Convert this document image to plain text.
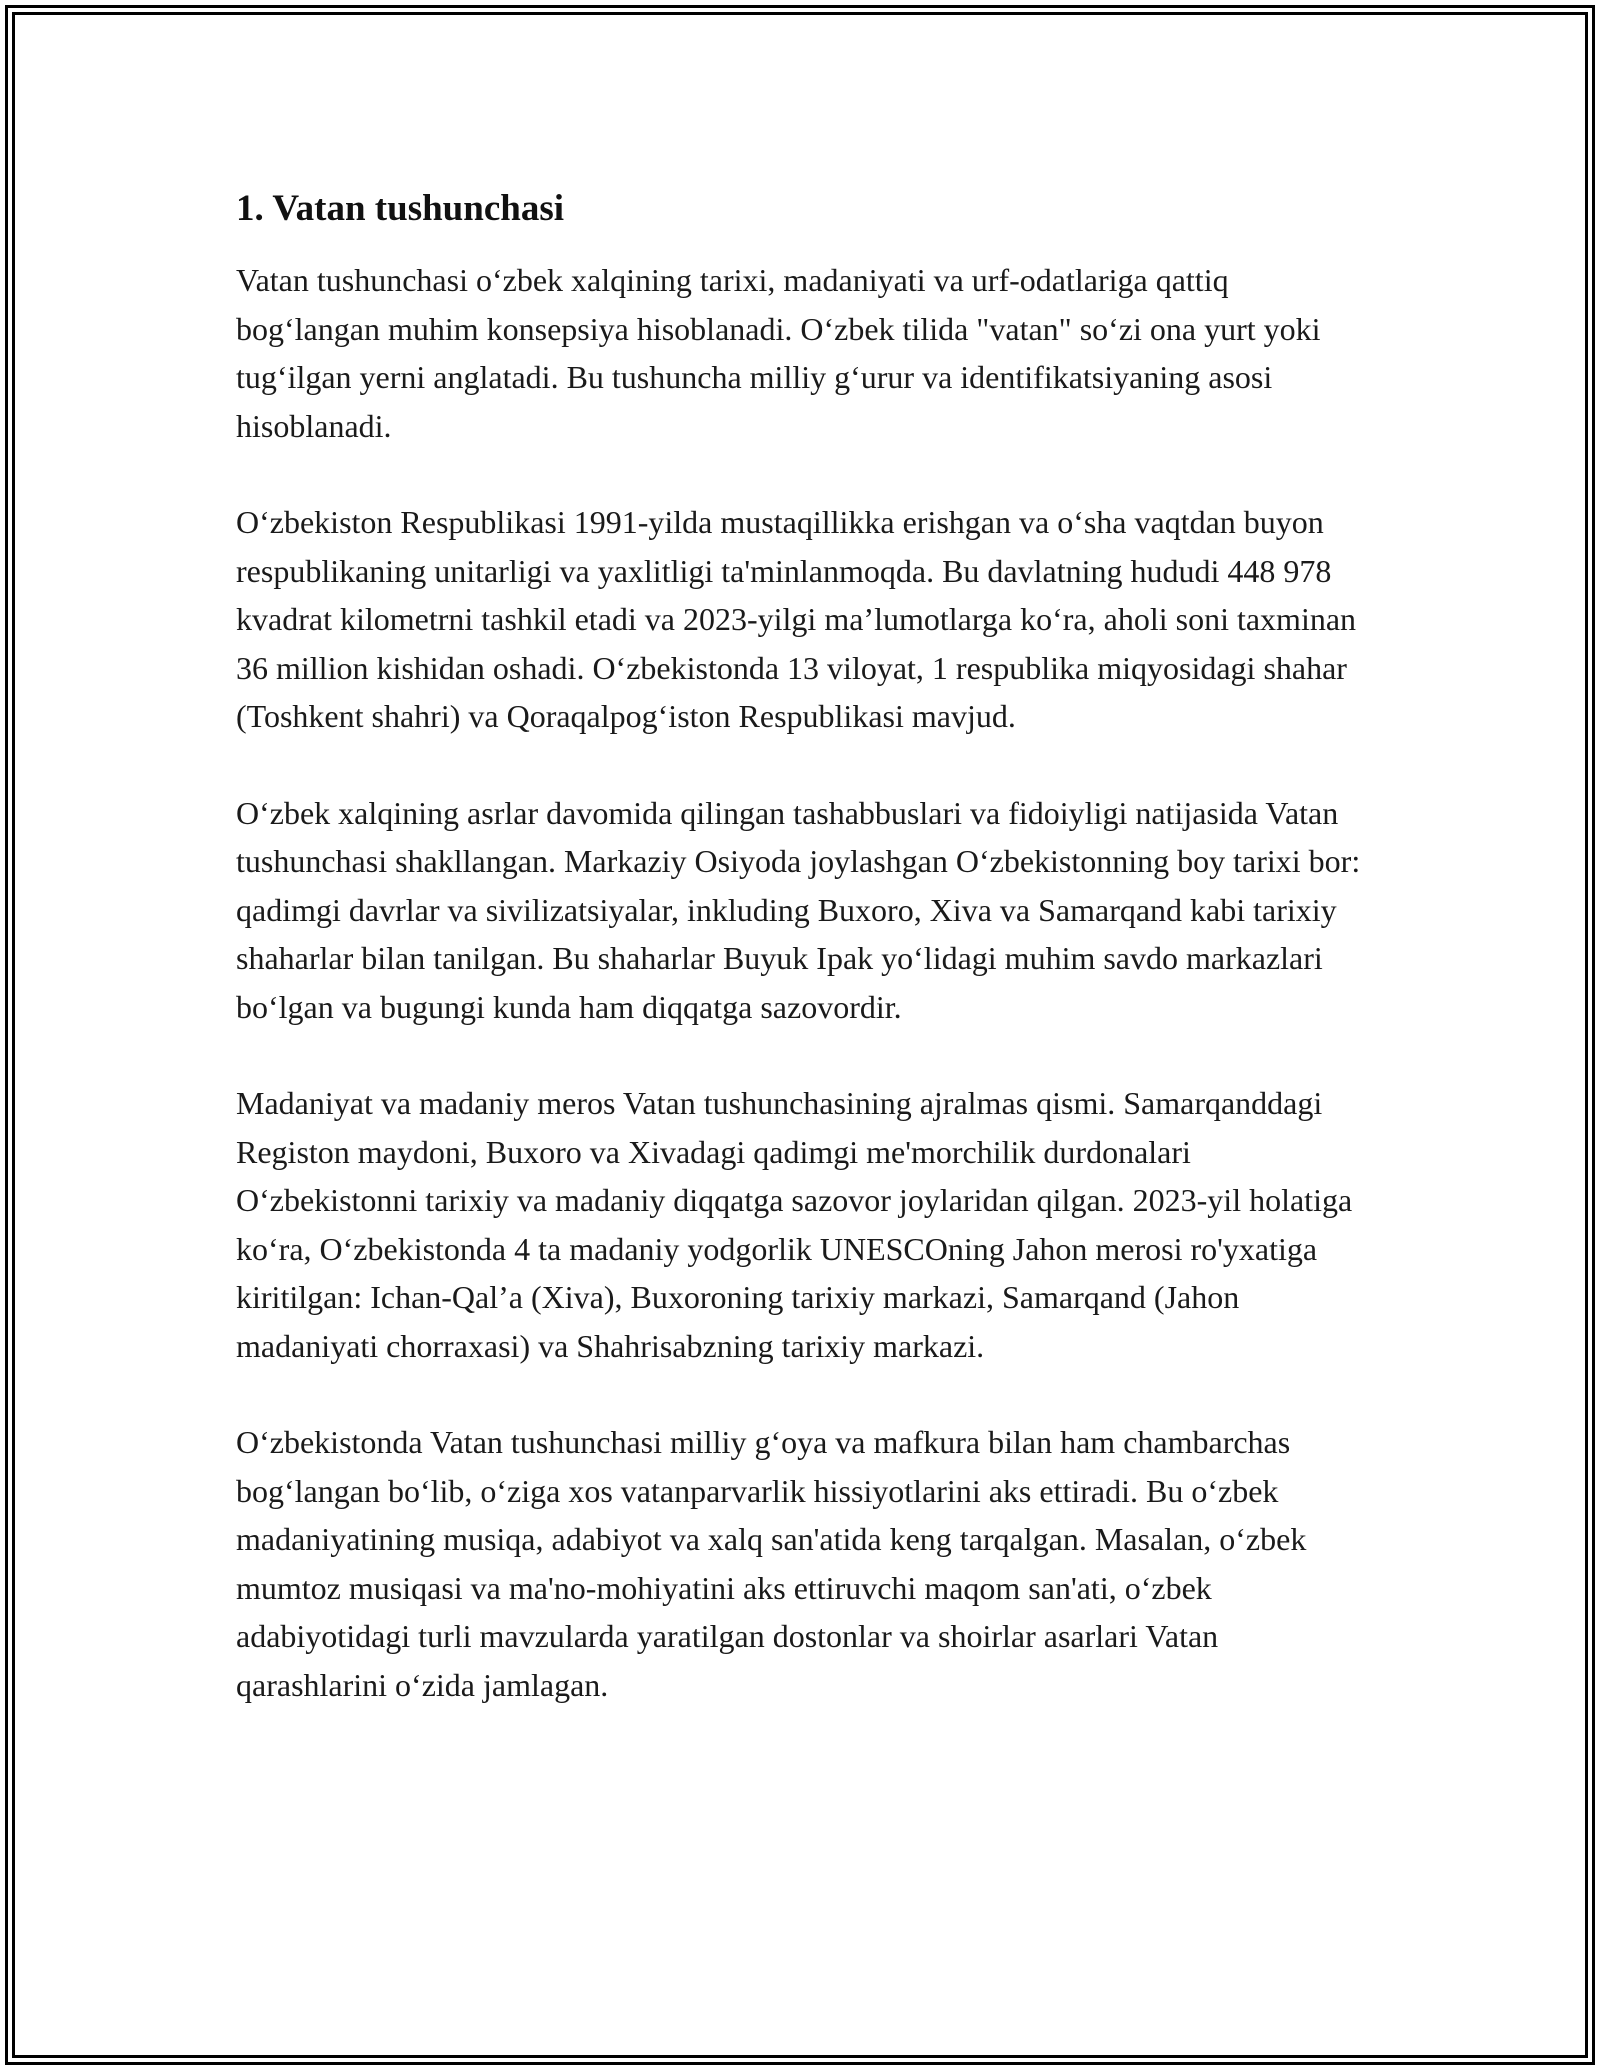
1. Vatan tushunchasi

Vatan tushunchasi oʻzbek xalqining tarixi, madaniyati va urf-odatlariga qattiq bogʻlangan muhim konsepsiya hisoblanadi. Oʻzbek tilida "vatan" soʻzi ona yurt yoki tugʻilgan yerni anglatadi. Bu tushuncha milliy gʻurur va identifikatsiyaning asosi hisoblanadi.

Oʻzbekiston Respublikasi 1991-yilda mustaqillikka erishgan va oʻsha vaqtdan buyon respublikaning unitarligi va yaxlitligi ta'minlanmoqda. Bu davlatning hududi 448 978 kvadrat kilometrni tashkil etadi va 2023-yilgi ma’lumotlarga koʻra, aholi soni taxminan 36 million kishidan oshadi. Oʻzbekistonda 13 viloyat, 1 respublika miqyosidagi shahar (Toshkent shahri) va Qoraqalpogʻiston Respublikasi mavjud.

Oʻzbek xalqining asrlar davomida qilingan tashabbuslari va fidoiyligi natijasida Vatan tushunchasi shakllangan. Markaziy Osiyoda joylashgan Oʻzbekistonning boy tarixi bor: qadimgi davrlar va sivilizatsiyalar, inkluding Buxoro, Xiva va Samarqand kabi tarixiy shaharlar bilan tanilgan. Bu shaharlar Buyuk Ipak yoʻlidagi muhim savdo markazlari boʻlgan va bugungi kunda ham diqqatga sazovordir.

Madaniyat va madaniy meros Vatan tushunchasining ajralmas qismi. Samarqanddagi Registon maydoni, Buxoro va Xivadagi qadimgi me'morchilik durdonalari Oʻzbekistonni tarixiy va madaniy diqqatga sazovor joylaridan qilgan. 2023-yil holatiga koʻra, Oʻzbekistonda 4 ta madaniy yodgorlik UNESCOning Jahon merosi ro'yxatiga kiritilgan: Ichan-Qal’a (Xiva), Buxoroning tarixiy markazi, Samarqand (Jahon madaniyati chorraxasi) va Shahrisabzning tarixiy markazi.

Oʻzbekistonda Vatan tushunchasi milliy gʻoya va mafkura bilan ham chambarchas bogʻlangan boʻlib, oʻziga xos vatanparvarlik hissiyotlarini aks ettiradi. Bu oʻzbek madaniyatining musiqa, adabiyot va xalq san'atida keng tarqalgan. Masalan, oʻzbek mumtoz musiqasi va ma'no-mohiyatini aks ettiruvchi maqom san'ati, oʻzbek adabiyotidagi turli mavzularda yaratilgan dostonlar va shoirlar asarlari Vatan qarashlarini oʻzida jamlagan.
